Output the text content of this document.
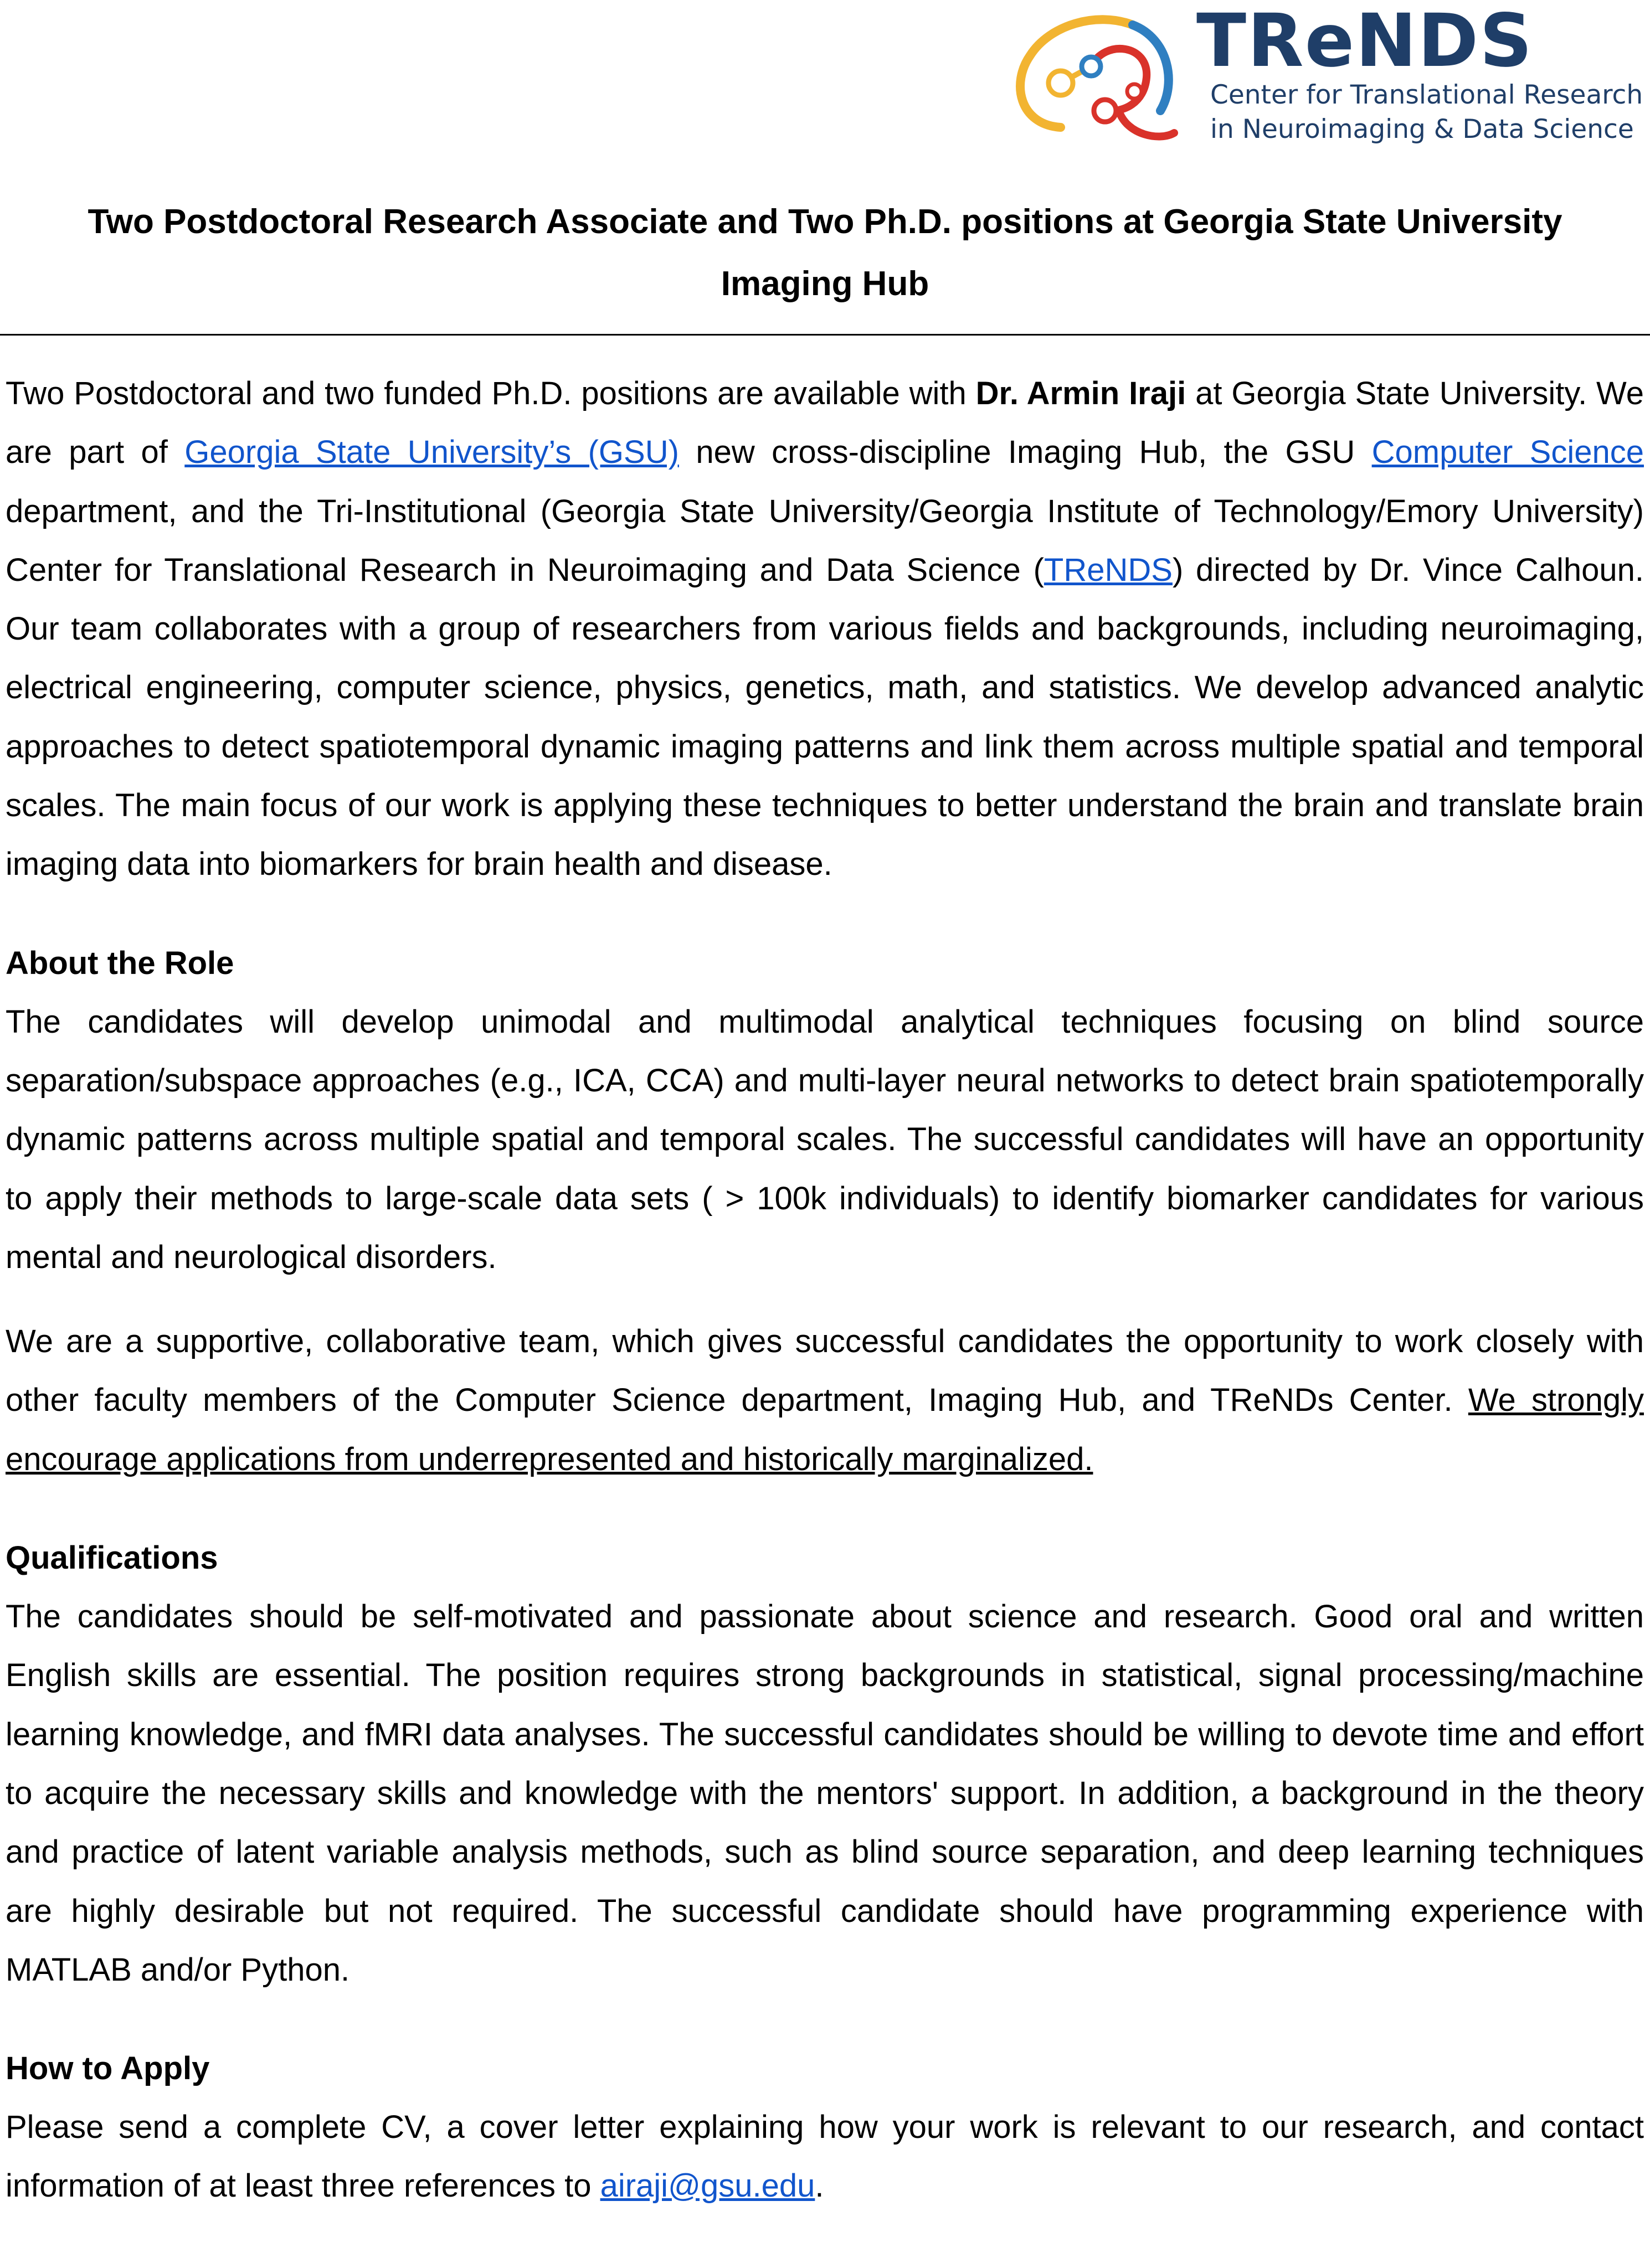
TReNDS
Center for Translational Research
in Neuroimaging & Data Science
Two Postdoctoral Research Associate and Two Ph.D. positions at Georgia State University
Imaging Hub

Two Postdoctoral and two funded Ph.D. positions are available with Dr. Armin Iraji at Georgia State University. We are part of Georgia State University’s (GSU) new cross-discipline Imaging Hub, the GSU Computer Science department, and the Tri-Institutional (Georgia State University/Georgia Institute of Technology/Emory University) Center for Translational Research in Neuroimaging and Data Science (TReNDS) directed by Dr. Vince Calhoun. Our team collaborates with a group of researchers from various fields and backgrounds, including neuroimaging, electrical engineering, computer science, physics, genetics, math, and statistics. We develop advanced analytic approaches to detect spatiotemporal dynamic imaging patterns and link them across multiple spatial and temporal scales. The main focus of our work is applying these techniques to better understand the brain and translate brain imaging data into biomarkers for brain health and disease.

About the Role

The candidates will develop unimodal and multimodal analytical techniques focusing on blind source separation/subspace approaches (e.g., ICA, CCA) and multi-layer neural networks to detect brain spatiotemporally dynamic patterns across multiple spatial and temporal scales. The successful candidates will have an opportunity to apply their methods to large-scale data sets ( > 100k individuals) to identify biomarker candidates for various mental and neurological disorders.

We are a supportive, collaborative team, which gives successful candidates the opportunity to work closely with other faculty members of the Computer Science department, Imaging Hub, and TReNDs Center. We strongly encourage applications from underrepresented and historically marginalized.

Qualifications

The candidates should be self-motivated and passionate about science and research. Good oral and written English skills are essential. The position requires strong backgrounds in statistical, signal processing/machine learning knowledge, and fMRI data analyses. The successful candidates should be willing to devote time and effort to acquire the necessary skills and knowledge with the mentors' support. In addition, a background in the theory and practice of latent variable analysis methods, such as blind source separation, and deep learning techniques are highly desirable but not required. The successful candidate should have programming experience with MATLAB and/or Python.

How to Apply

Please send a complete CV, a cover letter explaining how your work is relevant to our research, and contact information of at least three references to airaji@gsu.edu.
